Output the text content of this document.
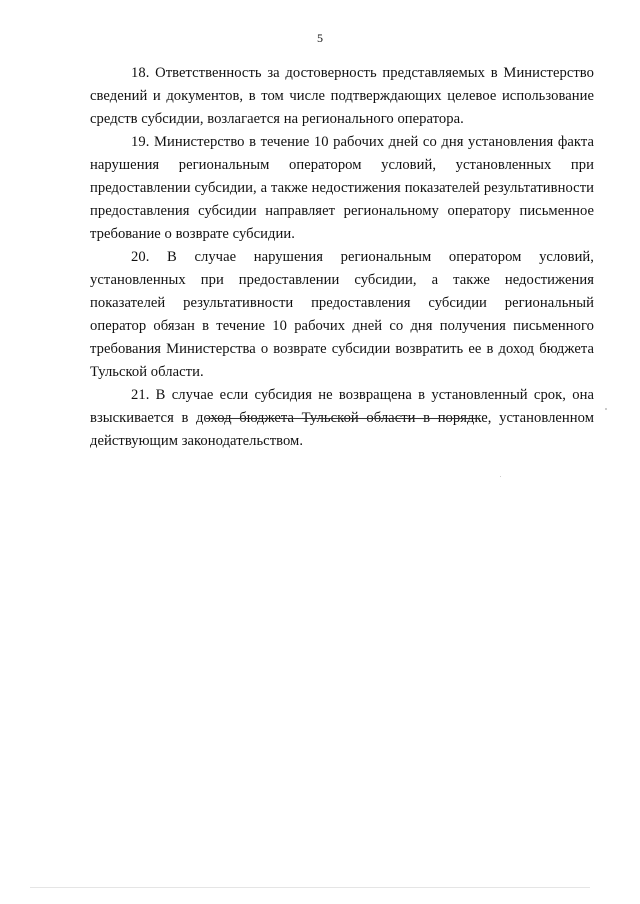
5

18. Ответственность за достоверность представляемых в Министерство сведений и документов, в том числе подтверждающих целевое использование средств субсидии, возлагается на регионального оператора.

19. Министерство в течение 10 рабочих дней со дня установления факта нарушения региональным оператором условий, установленных при предоставлении субсидии, а также недостижения показателей результативности предоставления субсидии направляет региональному оператору письменное требование о возврате субсидии.

20. В случае нарушения региональным оператором условий, установленных при предоставлении субсидии, а также недостижения показателей результативности предоставления субсидии региональный оператор обязан в течение 10 рабочих дней со дня получения письменного требования Министерства о возврате субсидии возвратить ее в доход бюджета Тульской области.

21. В случае если субсидия не возвращена в установленный срок, она взыскивается в доход бюджета Тульской области в порядке, установленном действующим законодательством.
